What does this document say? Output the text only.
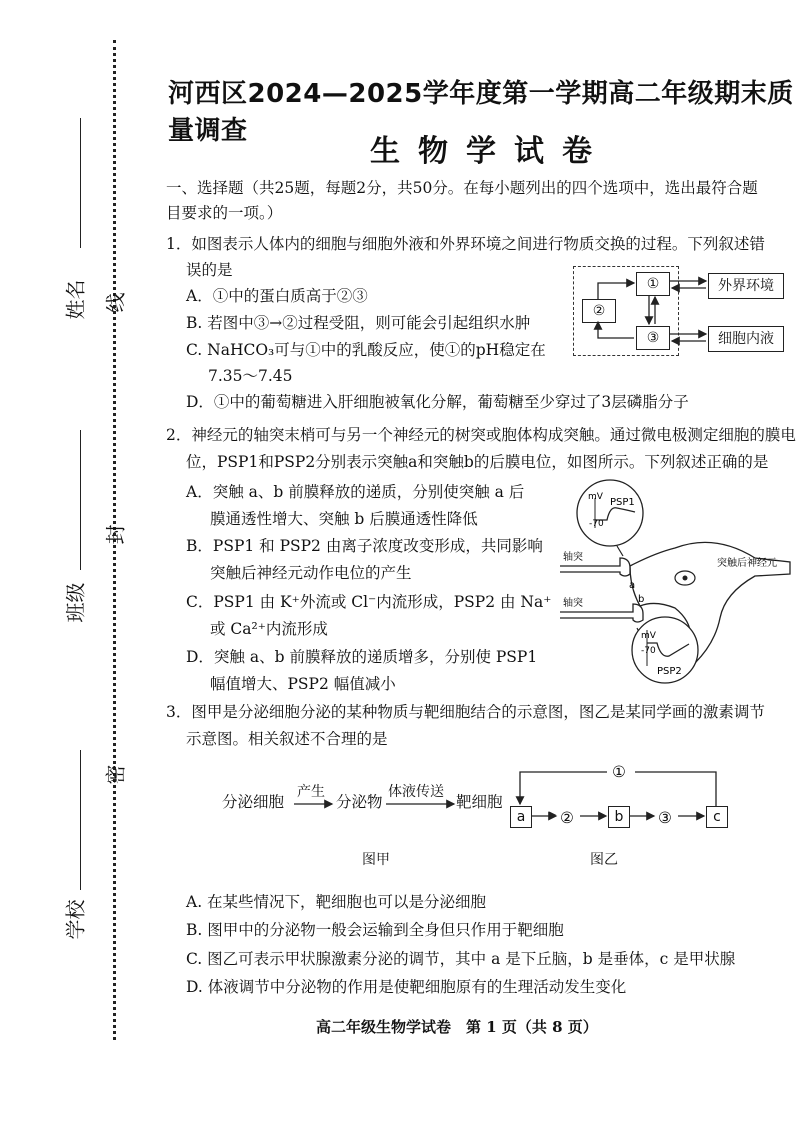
姓名
班级
学校
线
封
密
河西区2024—2025学年度第一学期高二年级期末质量调查
生物学试卷
一、选择题（共25题，每题2分，共50分。在每小题列出的四个选项中，选出最符合题
目要求的一项。）
1．如图表示人体内的细胞与细胞外液和外界环境之间进行物质交换的过程。下列叙述错
误的是
A．①中的蛋白质高于②③
B. 若图中③→②过程受阻，则可能会引起组织水肿
C. NaHCO₃可与①中的乳酸反应，使①的pH稳定在
7.35～7.45
D．①中的葡萄糖进入肝细胞被氧化分解，葡萄糖至少穿过了3层磷脂分子
①
②
③
外界环境
细胞内液
2．神经元的轴突末梢可与另一个神经元的树突或胞体构成突触。通过微电极测定细胞的膜电
位，PSP1和PSP2分别表示突触a和突触b的后膜电位，如图所示。下列叙述正确的是
A．突触 a、b 前膜释放的递质，分别使突触 a 后
膜通透性增大、突触 b 后膜通透性降低
B．PSP1 和 PSP2 由离子浓度改变形成，共同影响
突触后神经元动作电位的产生
C．PSP1 由 K⁺外流或 Cl⁻内流形成，PSP2 由 Na⁺
或 Ca²⁺内流形成
D．突触 a、b 前膜释放的递质增多，分别使 PSP1
幅值增大、PSP2 幅值减小
mV
-70
PSP1
轴突
a
轴突	b
突触后神经元
mV
-70
PSP2
3．图甲是分泌细胞分泌的某种物质与靶细胞结合的示意图，图乙是某同学画的激素调节
示意图。相关叙述不合理的是
分泌细胞
产生
分泌物
体液传送
靶细胞
图甲
a	b	c
②	③
①
图乙
A. 在某些情况下，靶细胞也可以是分泌细胞
B. 图甲中的分泌物一般会运输到全身但只作用于靶细胞
C. 图乙可表示甲状腺激素分泌的调节，其中 a 是下丘脑，b 是垂体，c 是甲状腺
D. 体液调节中分泌物的作用是使靶细胞原有的生理活动发生变化
高二年级生物学试卷　第 1 页（共 8 页）
